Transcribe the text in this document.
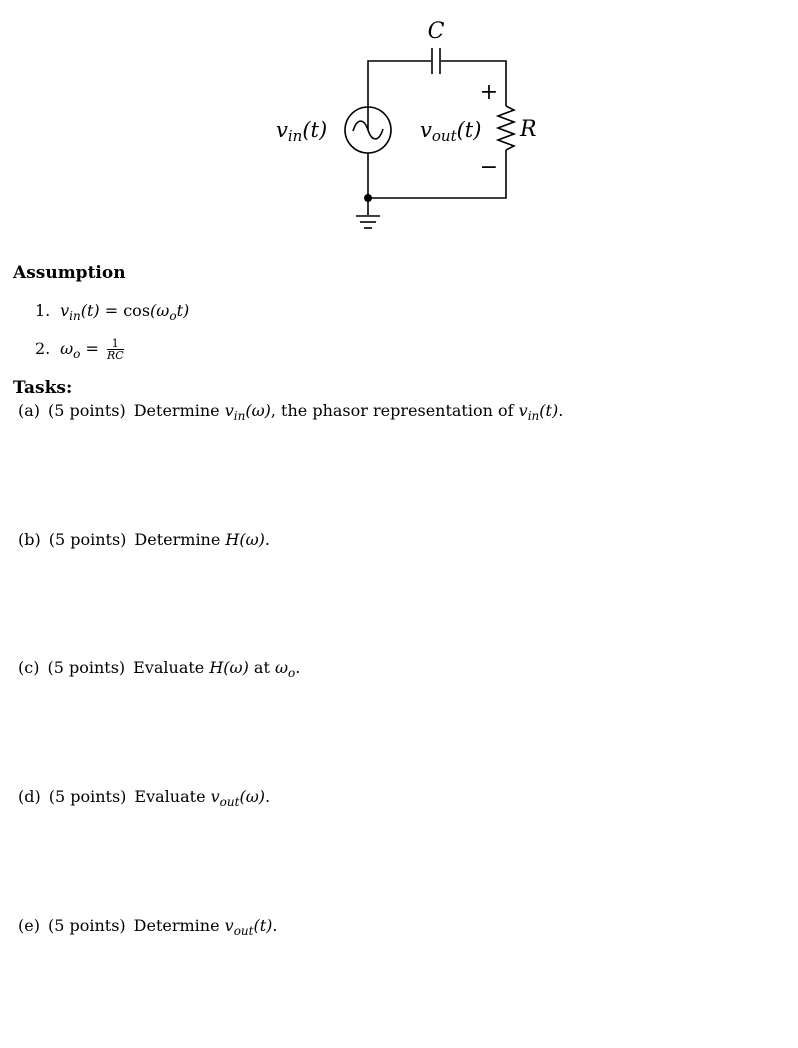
C
R
+
−
vin(t)	vout(t)
Assumption
1. $v_{in}(t) = \cos(\omega_ot)$
2. $\omega_o = \frac{1}{RC}$
Tasks:
(a) (5 points) Determine $v_{in}(\omega)$, the phasor representation of $v_{in}(t)$.
(b) (5 points) Determine H(ω).
(c) (5 points) Evaluate H(ω) at $\omega_o$.
(d) (5 points) Evaluate $v_{out}(\omega)$.
(e) (5 points) Determine $v_{out}(t)$.
